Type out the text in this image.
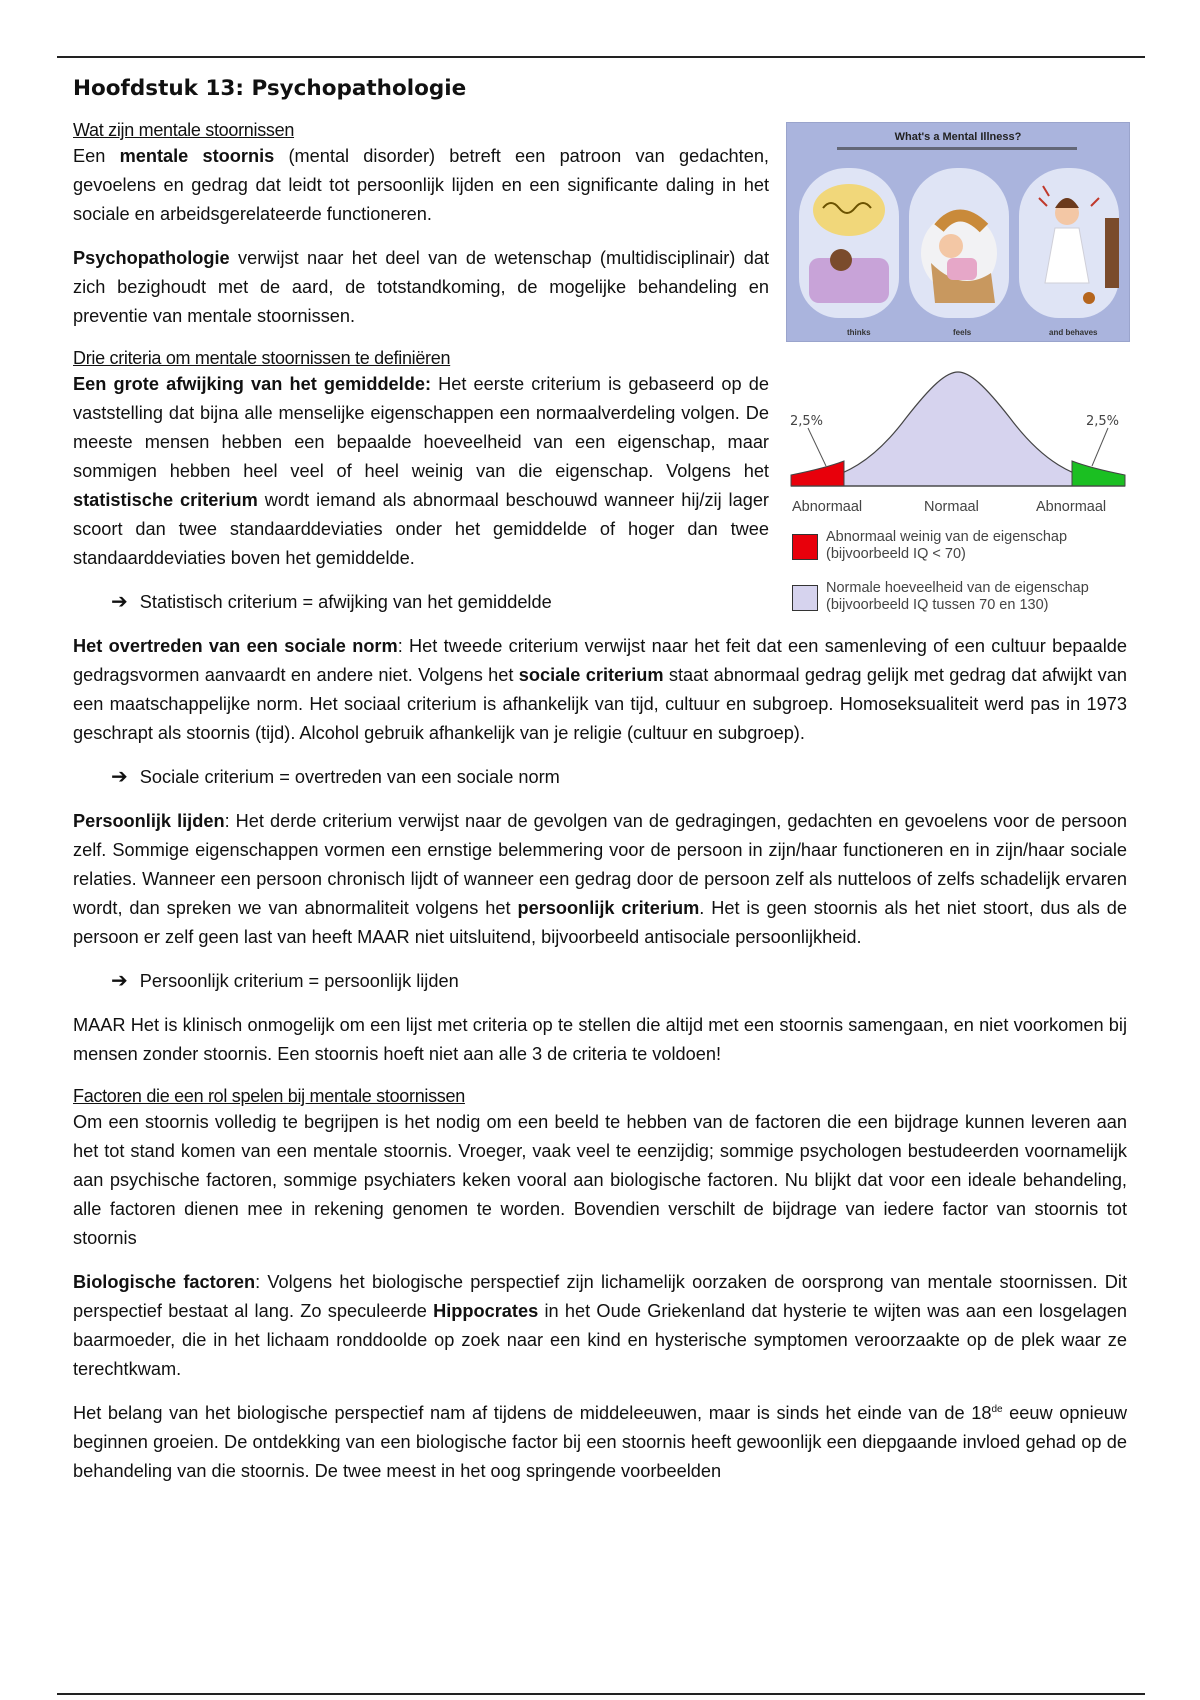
Hoofdstuk 13: Psychopathologie
Wat zijn mentale stoornissen

Een mentale stoornis (mental disorder) betreft een patroon van gedachten, gevoelens en gedrag dat leidt tot persoonlijk lijden en een significante daling in het sociale en arbeidsgerelateerde functioneren.

Psychopathologie verwijst naar het deel van de wetenschap (multidisciplinair) dat zich bezighoudt met de aard, de totstandkoming, de mogelijke behandeling en preventie van mentale stoornissen.

Drie criteria om mentale stoornissen te definiëren

Een grote afwijking van het gemiddelde: Het eerste criterium is gebaseerd op de vaststelling dat bijna alle menselijke eigenschappen een normaalverdeling volgen. De meeste mensen hebben een bepaalde hoeveelheid van een eigenschap, maar sommigen hebben heel veel of heel weinig van die eigenschap. Volgens het statistische criterium wordt iemand als abnormaal beschouwd wanneer hij/zij lager scoort dan twee standaarddeviaties onder het gemiddelde of hoger dan twee standaarddeviaties boven het gemiddelde.

➔ Statistisch criterium = afwijking van het gemiddelde

Het overtreden van een sociale norm: Het tweede criterium verwijst naar het feit dat een samenleving of een cultuur bepaalde gedragsvormen aanvaardt en andere niet. Volgens het sociale criterium staat abnormaal gedrag gelijk met gedrag dat afwijkt van een maatschappelijke norm. Het sociaal criterium is afhankelijk van tijd, cultuur en subgroep. Homoseksualiteit werd pas in 1973 geschrapt als stoornis (tijd). Alcohol gebruik afhankelijk van je religie (cultuur en subgroep).

➔ Sociale criterium = overtreden van een sociale norm

Persoonlijk lijden: Het derde criterium verwijst naar de gevolgen van de gedragingen, gedachten en gevoelens voor de persoon zelf. Sommige eigenschappen vormen een ernstige belemmering voor de persoon in zijn/haar functioneren en in zijn/haar sociale relaties. Wanneer een persoon chronisch lijdt of wanneer een gedrag door de persoon zelf als nutteloos of zelfs schadelijk ervaren wordt, dan spreken we van abnormaliteit volgens het persoonlijk criterium. Het is geen stoornis als het niet stoort, dus als de persoon er zelf geen last van heeft MAAR niet uitsluitend, bijvoorbeeld antisociale persoonlijkheid.

➔ Persoonlijk criterium = persoonlijk lijden

MAAR Het is klinisch onmogelijk om een lijst met criteria op te stellen die altijd met een stoornis samengaan, en niet voorkomen bij mensen zonder stoornis. Een stoornis hoeft niet aan alle 3 de criteria te voldoen!

Factoren die een rol spelen bij mentale stoornissen

Om een stoornis volledig te begrijpen is het nodig om een beeld te hebben van de factoren die een bijdrage kunnen leveren aan het tot stand komen van een mentale stoornis. Vroeger, vaak veel te eenzijdig; sommige psychologen bestudeerden voornamelijk aan psychische factoren, sommige psychiaters keken vooral aan biologische factoren. Nu blijkt dat voor een ideale behandeling, alle factoren dienen mee in rekening genomen te worden. Bovendien verschilt de bijdrage van iedere factor van stoornis tot stoornis

Biologische factoren: Volgens het biologische perspectief zijn lichamelijk oorzaken de oorsprong van mentale stoornissen. Dit perspectief bestaat al lang. Zo speculeerde Hippocrates in het Oude Griekenland dat hysterie te wijten was aan een losgelagen baarmoeder, die in het lichaam ronddoolde op zoek naar een kind en hysterische symptomen veroorzaakte op de plek waar ze terechtkwam.

Het belang van het biologische perspectief nam af tijdens de middeleeuwen, maar is sinds het einde van de 18de eeuw opnieuw beginnen groeien. De ontdekking van een biologische factor bij een stoornis heeft gewoonlijk een diepgaande invloed gehad op de behandeling van die stoornis. De twee meest in het oog springende voorbeelden

What's a Mental Illness?
thinks	feels	and behaves
2,5%	2,5%
Abnormaal	Normaal	Abnormaal
Abnormaal weinig van de eigenschap
(bijvoorbeeld IQ < 70)
Normale hoeveelheid van de eigenschap
(bijvoorbeeld IQ tussen 70 en 130)
